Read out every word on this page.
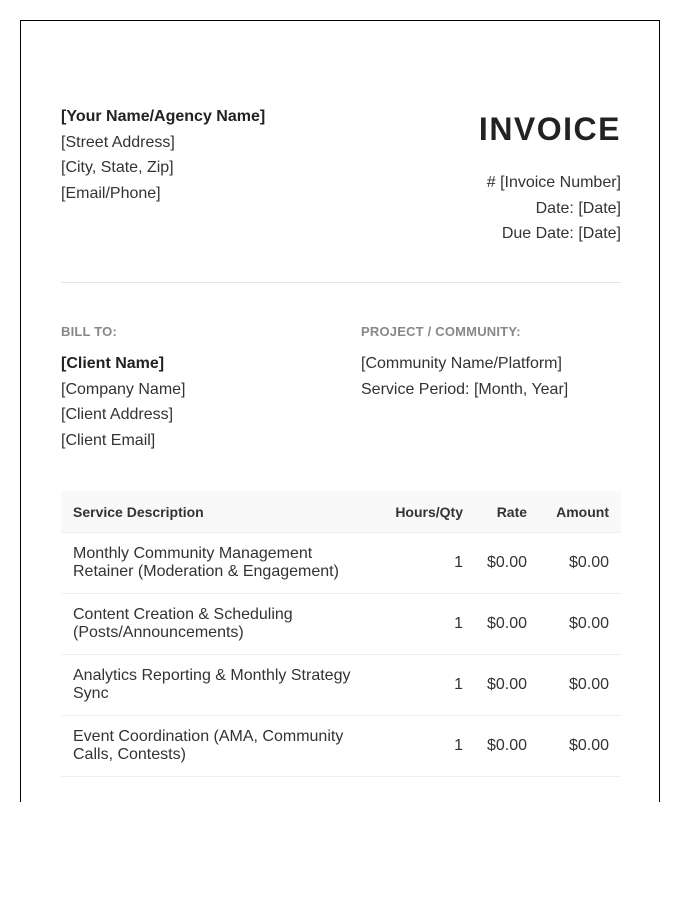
[Your Name/Agency Name]
[Street Address]
[City, State, Zip]
[Email/Phone]
INVOICE
# [Invoice Number]
Date: [Date]
Due Date: [Date]
BILL TO:
[Client Name]
[Company Name]
[Client Address]
[Client Email]
PROJECT / COMMUNITY:
[Community Name/Platform]
Service Period: [Month, Year]
Service Description	Hours/Qty	Rate	Amount
Monthly Community Management Retainer (Moderation & Engagement)	1	$0.00	$0.00
Content Creation & Scheduling (Posts/Announcements)	1	$0.00	$0.00
Analytics Reporting & Monthly Strategy Sync	1	$0.00	$0.00
Event Coordination (AMA, Community Calls, Contests)	1	$0.00	$0.00
